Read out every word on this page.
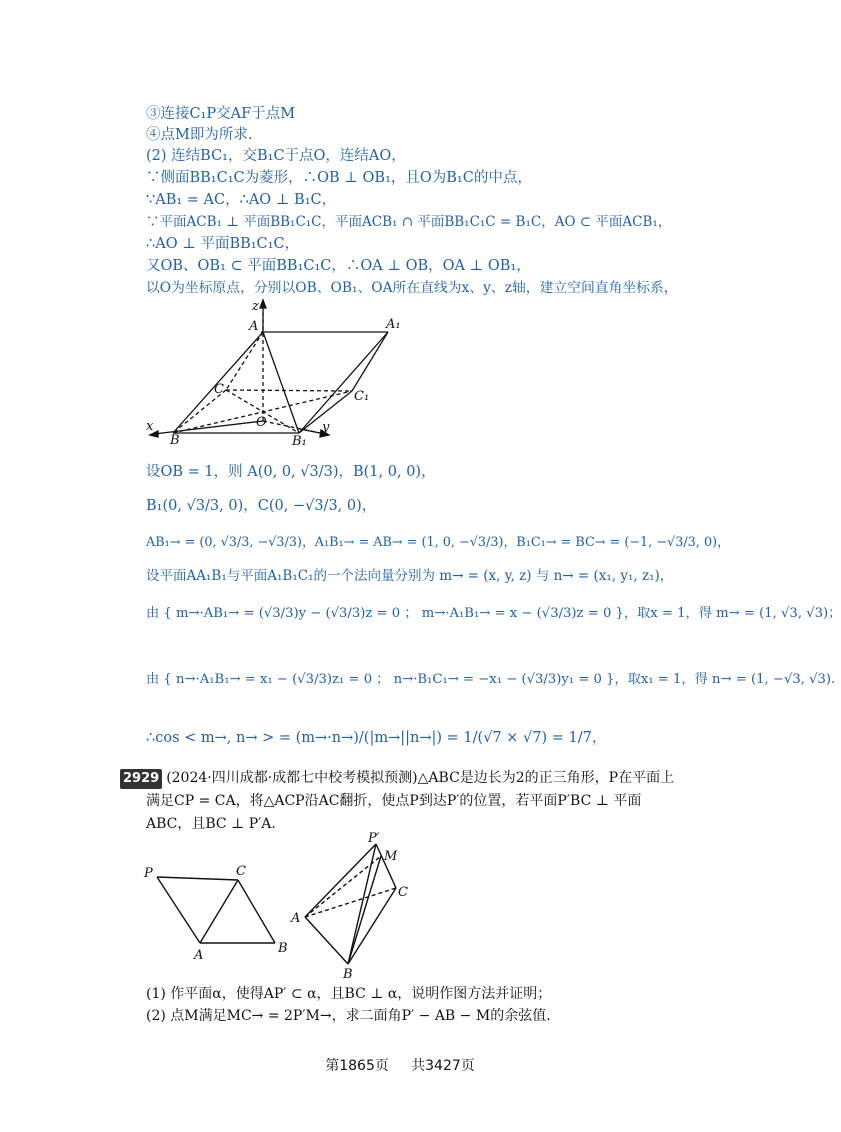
③连接C₁P交AF于点M
④点M即为所求.
(2) 连结BC₁，交B₁C于点O，连结AO，
∵侧面BB₁C₁C为菱形，∴OB ⊥ OB₁，且O为B₁C的中点，
∵AB₁ = AC，∴AO ⊥ B₁C，
∵平面ACB₁ ⊥ 平面BB₁C₁C，平面ACB₁ ∩ 平面BB₁C₁C = B₁C，AO ⊂ 平面ACB₁，
∴AO ⊥ 平面BB₁C₁C，
又OB、OB₁ ⊂ 平面BB₁C₁C，∴OA ⊥ OB，OA ⊥ OB₁，
以O为坐标原点，分别以OB、OB₁、OA所在直线为x、y、z轴，建立空间直角坐标系，
z
A	A₁
C	C₁
x
B
O
B₁
y
设OB = 1，则 A(0, 0, √3/3)，B(1, 0, 0)，
B₁(0, √3/3, 0)，C(0, −√3/3, 0)，
AB₁→ = (0, √3/3, −√3/3)，A₁B₁→ = AB→ = (1, 0, −√3/3)，B₁C₁→ = BC→ = (−1, −√3/3, 0)，
设平面AA₁B₁与平面A₁B₁C₁的一个法向量分别为 m→ = (x, y, z) 与 n→ = (x₁, y₁, z₁)，
由 { m→·AB₁→ = (√3/3)y − (√3/3)z = 0 ； m→·A₁B₁→ = x − (√3/3)z = 0 }，取x = 1，得 m→ = (1, √3, √3)；
由 { n→·A₁B₁→ = x₁ − (√3/3)z₁ = 0 ； n→·B₁C₁→ = −x₁ − (√3/3)y₁ = 0 }，取x₁ = 1，得 n→ = (1, −√3, √3).
∴cos < m→, n→ > = (m→·n→)/(|m→||n→|) = 1/(√7 × √7) = 1/7，
2929 (2024·四川成都·成都七中校考模拟预测)△ABC是边长为2的正三角形，P在平面上
满足CP = CA，将△ACP沿AC翻折，使点P到达P′的位置，若平面P′BC ⊥ 平面
ABC，且BC ⊥ P′A.
P	C
A	B
P′
M
C
A
B
(1) 作平面α，使得AP′ ⊂ α，且BC ⊥ α，说明作图方法并证明；
(2) 点M满足MC→ = 2P′M→，求二面角P′ − AB − M的余弦值.
第1865页 共3427页
